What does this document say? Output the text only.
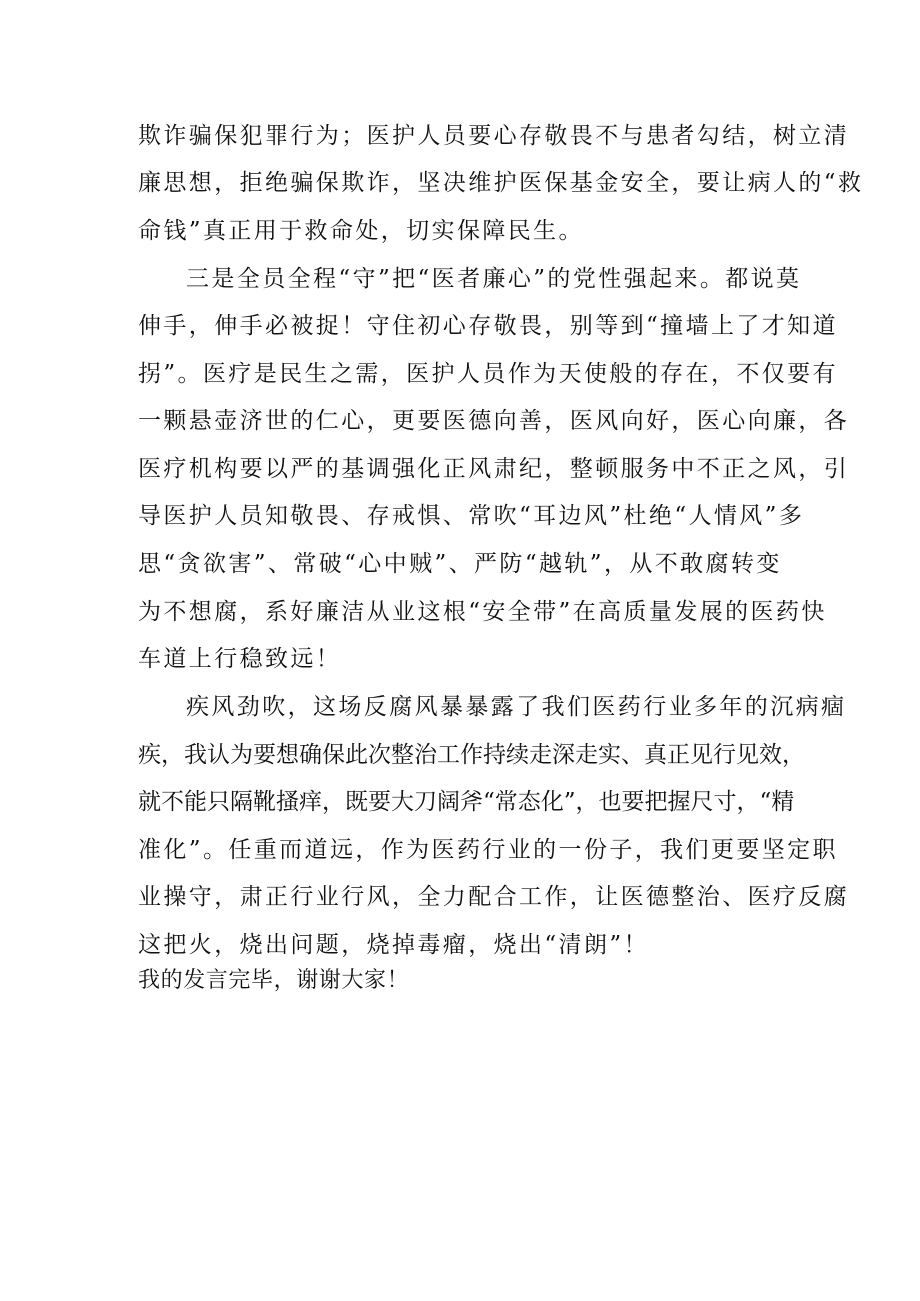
欺诈骗保犯罪行为；医护人员要心存敬畏不与患者勾结，树立清
廉思想，拒绝骗保欺诈，坚决维护医保基金安全，要让病人的“救
命钱”真正用于救命处，切实保障民生。
三是全员全程“守”把“医者廉心”的党性强起来。都说莫
伸手，伸手必被捉！守住初心存敬畏，别等到“撞墙上了才知道
拐”。医疗是民生之需，医护人员作为天使般的存在，不仅要有
一颗悬壶济世的仁心，更要医德向善，医风向好，医心向廉，各
医疗机构要以严的基调强化正风肃纪，整顿服务中不正之风，引
导医护人员知敬畏、存戒惧、常吹“耳边风”杜绝“人情风”多
思“贪欲害”、常破“心中贼”、严防“越轨”，从不敢腐转变
为不想腐，系好廉洁从业这根“安全带”在高质量发展的医药快
车道上行稳致远！
疾风劲吹，这场反腐风暴暴露了我们医药行业多年的沉病痼
疾，我认为要想确保此次整治工作持续走深走实、真正见行见效，
就不能只隔靴搔痒，既要大刀阔斧“常态化”，也要把握尺寸，“精
准化”。任重而道远，作为医药行业的一份子，我们更要坚定职
业操守，肃正行业行风，全力配合工作，让医德整治、医疗反腐
这把火，烧出问题，烧掉毒瘤，烧出“清朗”！
我的发言完毕，谢谢大家！
